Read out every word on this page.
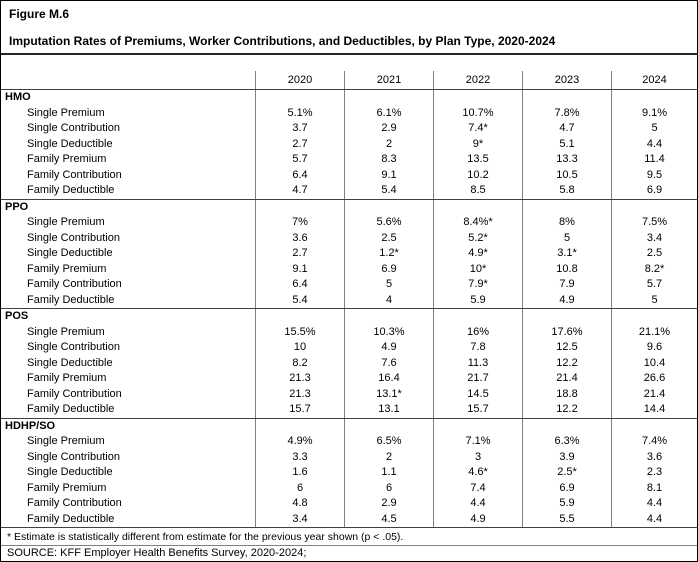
Figure M.6
Imputation Rates of Premiums, Worker Contributions, and Deductibles, by Plan Type, 2020-2024
2020	2021	2022	2023	2024
HMO
Single Premium	5.1%	6.1%	10.7%	7.8%	9.1%
Single Contribution	3.7	2.9	7.4*	4.7	5
Single Deductible	2.7	2	9*	5.1	4.4
Family Premium	5.7	8.3	13.5	13.3	11.4
Family Contribution	6.4	9.1	10.2	10.5	9.5
Family Deductible	4.7	5.4	8.5	5.8	6.9
PPO
Single Premium	7%	5.6%	8.4%*	8%	7.5%
Single Contribution	3.6	2.5	5.2*	5	3.4
Single Deductible	2.7	1.2*	4.9*	3.1*	2.5
Family Premium	9.1	6.9	10*	10.8	8.2*
Family Contribution	6.4	5	7.9*	7.9	5.7
Family Deductible	5.4	4	5.9	4.9	5
POS
Single Premium	15.5%	10.3%	16%	17.6%	21.1%
Single Contribution	10	4.9	7.8	12.5	9.6
Single Deductible	8.2	7.6	11.3	12.2	10.4
Family Premium	21.3	16.4	21.7	21.4	26.6
Family Contribution	21.3	13.1*	14.5	18.8	21.4
Family Deductible	15.7	13.1	15.7	12.2	14.4
HDHP/SO
Single Premium	4.9%	6.5%	7.1%	6.3%	7.4%
Single Contribution	3.3	2	3	3.9	3.6
Single Deductible	1.6	1.1	4.6*	2.5*	2.3
Family Premium	6	6	7.4	6.9	8.1
Family Contribution	4.8	2.9	4.4	5.9	4.4
Family Deductible	3.4	4.5	4.9	5.5	4.4
* Estimate is statistically different from estimate for the previous year shown (p < .05).
SOURCE: KFF Employer Health Benefits Survey, 2020-2024;
